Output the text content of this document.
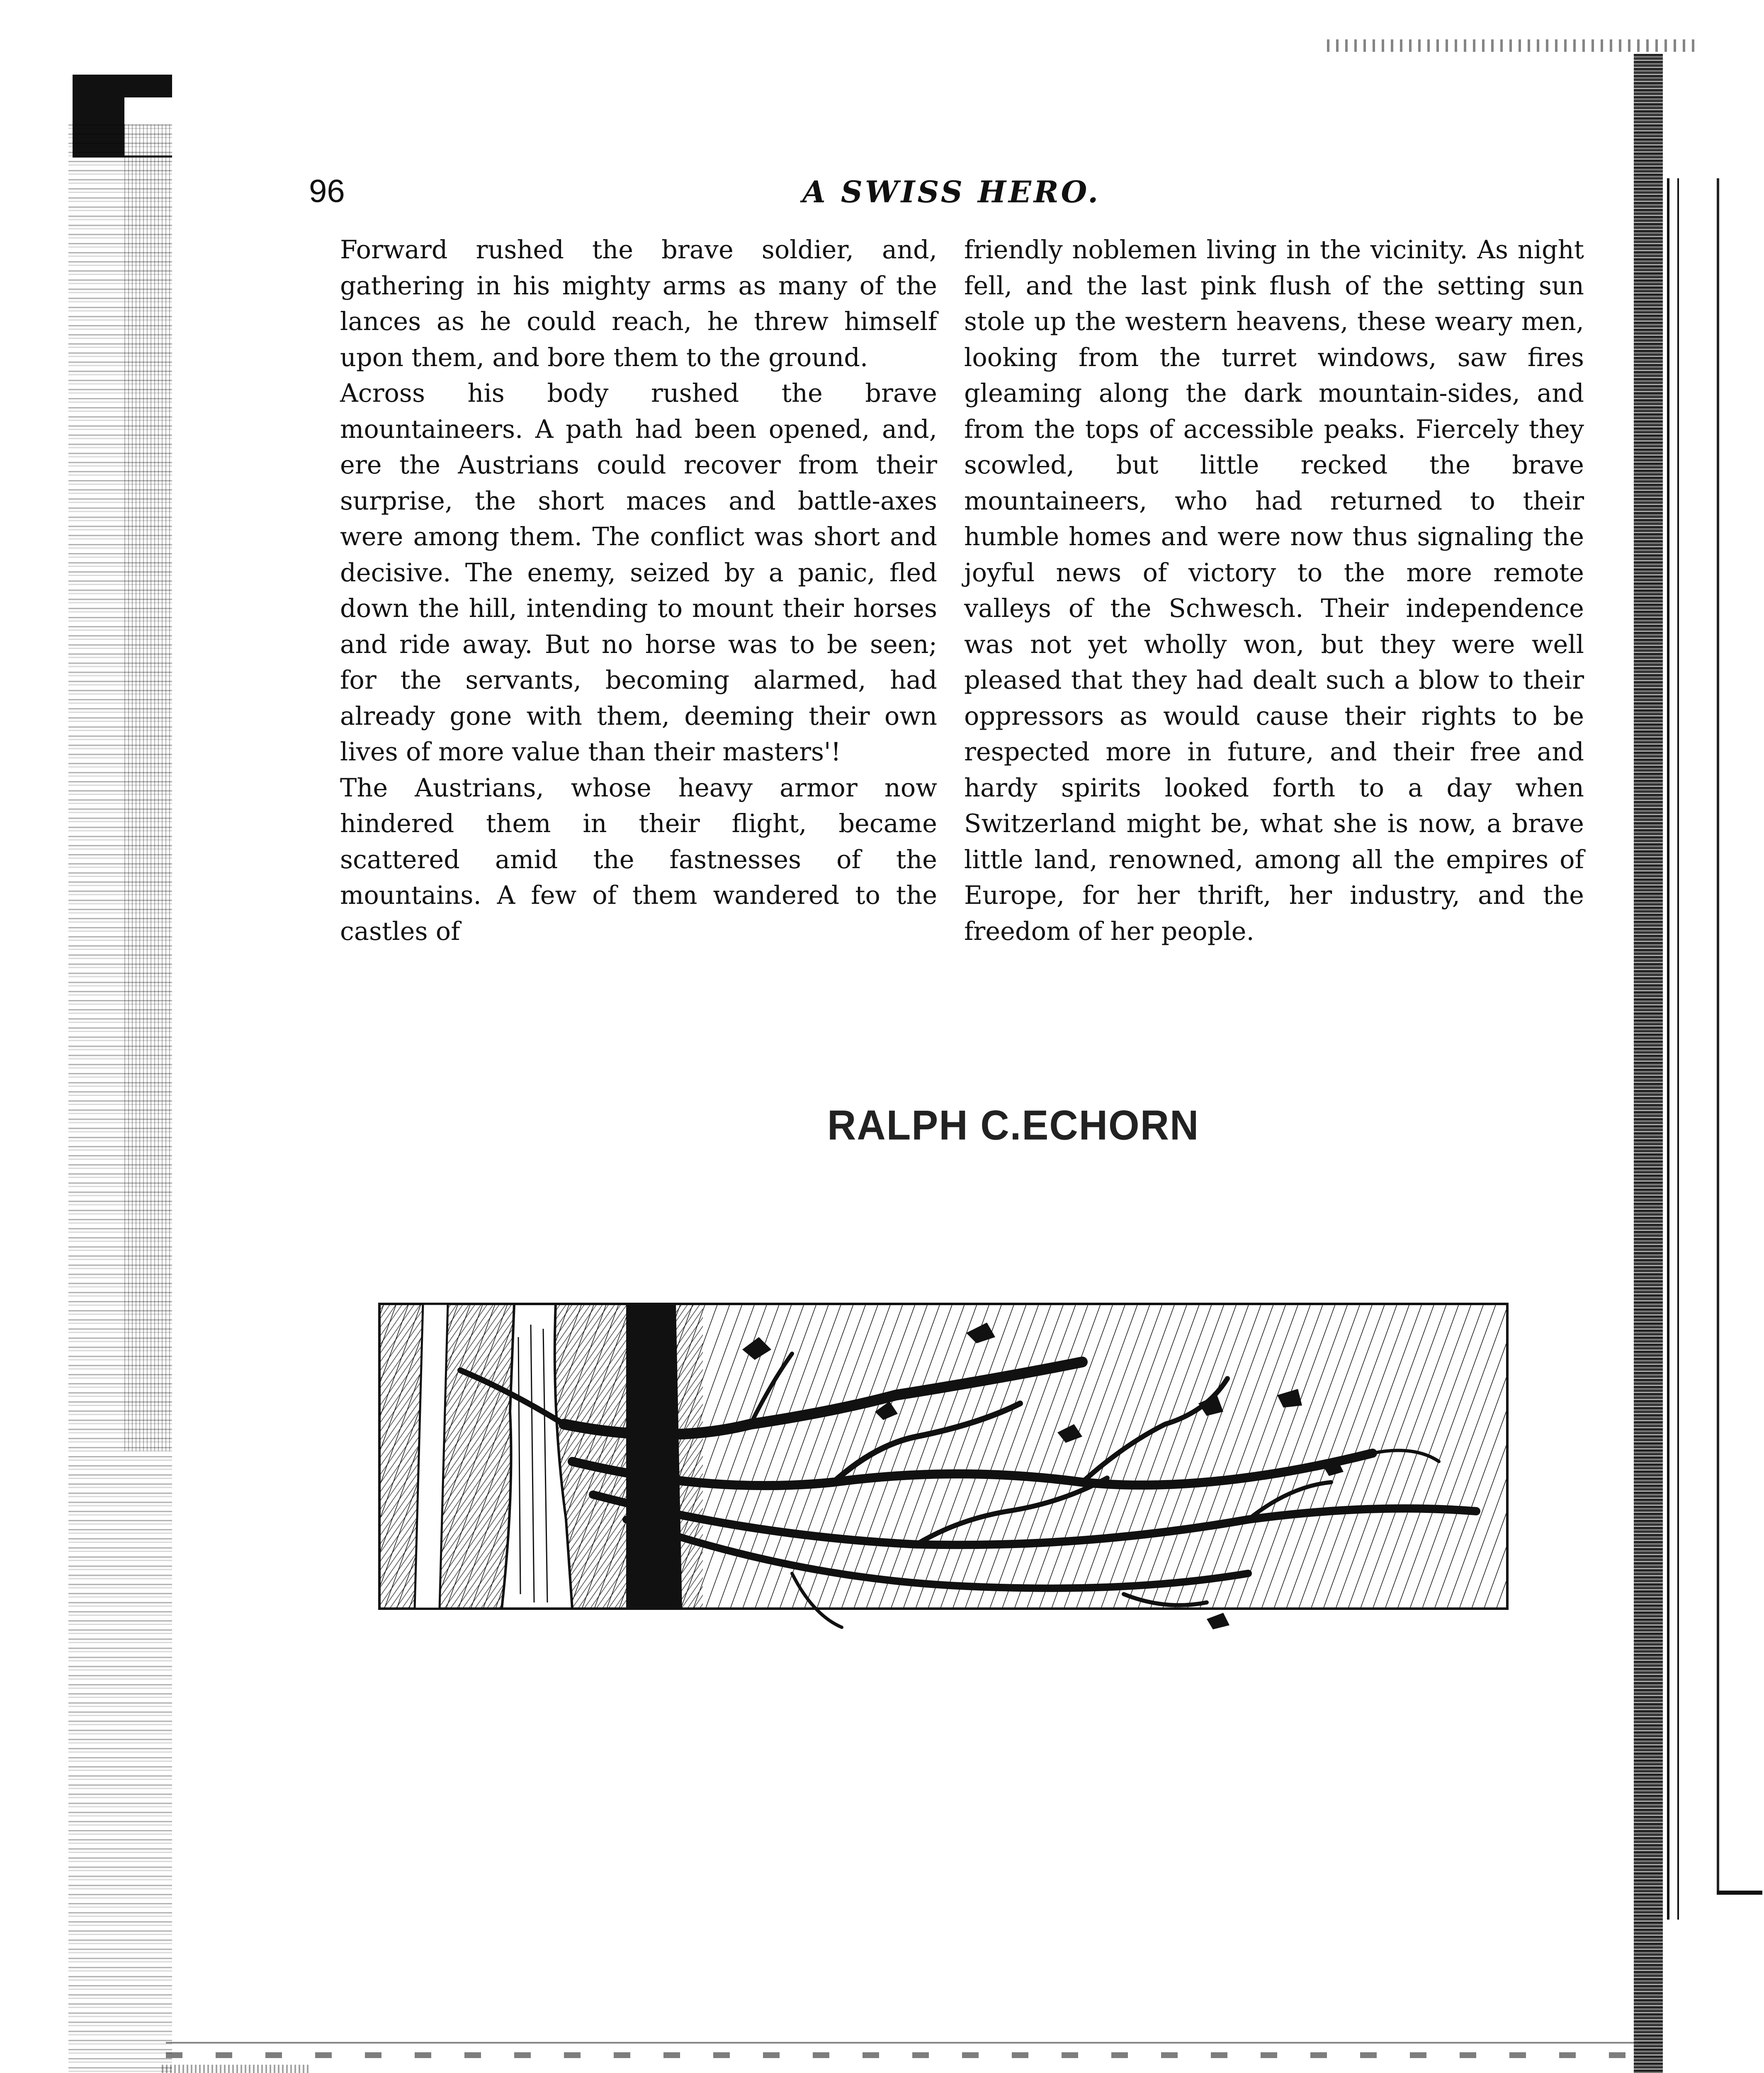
96	A SWISS HERO.

Forward rushed the brave soldier, and, gathering in his mighty arms as many of the lances as he could reach, he threw himself upon them, and bore them to the ground.

Across his body rushed the brave mountaineers. A path had been opened, and, ere the Austrians could recover from their surprise, the short maces and battle-axes were among them. The conflict was short and decisive. The enemy, seized by a panic, fled down the hill, intending to mount their horses and ride away. But no horse was to be seen; for the servants, becoming alarmed, had already gone with them, deeming their own lives of more value than their masters'!

The Austrians, whose heavy armor now hindered them in their flight, became scattered amid the fastnesses of the mountains. A few of them wandered to the castles of

friendly noblemen living in the vicinity. As night fell, and the last pink flush of the setting sun stole up the western heavens, these weary men, looking from the turret windows, saw fires gleaming along the dark mountain-sides, and from the tops of accessible peaks. Fiercely they scowled, but little recked the brave mountaineers, who had returned to their humble homes and were now thus signaling the joyful news of victory to the more remote valleys of the Schwesch. Their independence was not yet wholly won, but they were well pleased that they had dealt such a blow to their oppressors as would cause their rights to be respected more in future, and their free and hardy spirits looked forth to a day when Switzerland might be, what she is now, a brave little land, renowned, among all the empires of Europe, for her thrift, her industry, and the freedom of her people.

RALPH C.ECHORN
